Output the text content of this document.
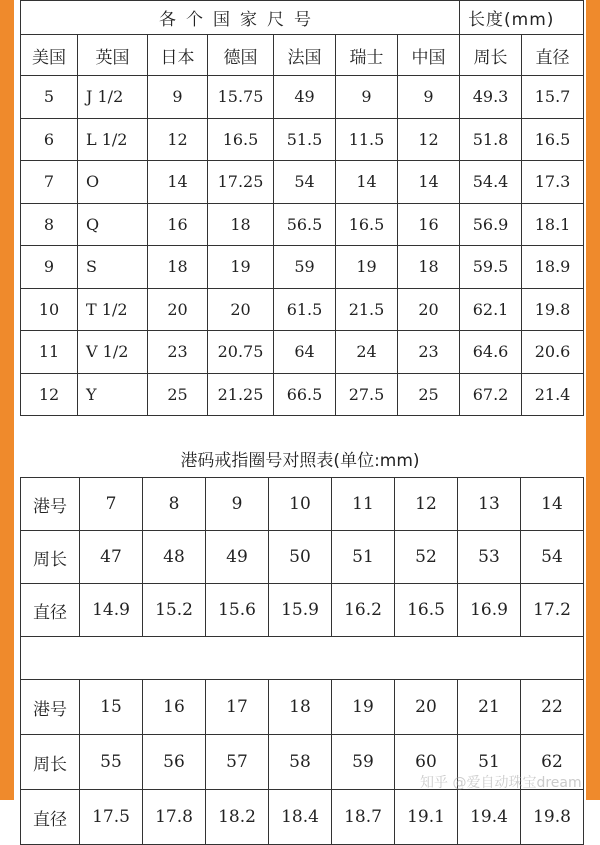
各个国家尺号							长度(mm)	
美国	英国	日本	德国	法国	瑞士	中国	周长	直径
5	J 1/2	9	15.75	49	9	9	49.3	15.7
6	L 1/2	12	16.5	51.5	11.5	12	51.8	16.5
7	O	14	17.25	54	14	14	54.4	17.3
8	Q	16	18	56.5	16.5	16	56.9	18.1
9	S	18	19	59	19	18	59.5	18.9
10	T 1/2	20	20	61.5	21.5	20	62.1	19.8
11	V 1/2	23	20.75	64	24	23	64.6	20.6
12	Y	25	21.25	66.5	27.5	25	67.2	21.4
港码戒指圈号对照表(单位:mm)
港号	7	8	9	10	11	12	13	14
周长	47	48	49	50	51	52	53	54
直径	14.9	15.2	15.6	15.9	16.2	16.5	16.9	17.2

港号	15	16	17	18	19	20	21	22
周长	55	56	57	58	59	60	51	62
直径	17.5	17.8	18.2	18.4	18.7	19.1	19.4	19.8
知乎 @爱自动珠宝dream
